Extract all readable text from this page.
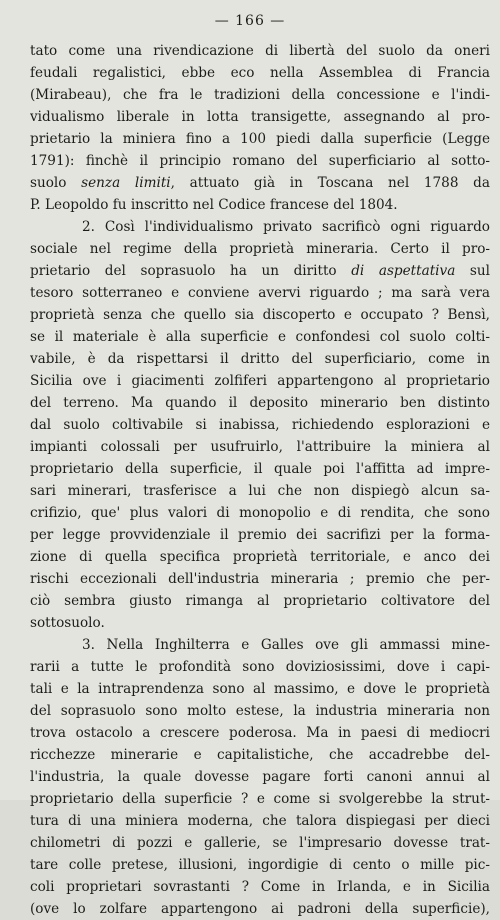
— 166 —
tato come una rivendicazione di libertà del suolo da oneri
feudali regalistici, ebbe eco nella Assemblea di Francia
(Mirabeau), che fra le tradizioni della concessione e l'indi-
vidualismo liberale in lotta transigette, assegnando al pro-
prietario la miniera fino a 100 piedi dalla superficie (Legge
1791): finchè il principio romano del superficiario al sotto-
suolo senza limiti, attuato già in Toscana nel 1788 da
P. Leopoldo fu inscritto nel Codice francese del 1804.
2. Così l'individualismo privato sacrificò ogni riguardo
sociale nel regime della proprietà mineraria. Certo il pro-
prietario del soprasuolo ha un diritto di aspettativa sul
tesoro sotterraneo e conviene avervi riguardo ; ma sarà vera
proprietà senza che quello sia discoperto e occupato ? Bensì,
se il materiale è alla superficie e confondesi col suolo colti-
vabile, è da rispettarsi il dritto del superficiario, come in
Sicilia ove i giacimenti zolfiferi appartengono al proprietario
del terreno. Ma quando il deposito minerario ben distinto
dal suolo coltivabile si inabissa, richiedendo esplorazioni e
impianti colossali per usufruirlo, l'attribuire la miniera al
proprietario della superficie, il quale poi l'affitta ad impre-
sari minerari, trasferisce a lui che non dispiegò alcun sa-
crifizio, que' plus valori di monopolio e di rendita, che sono
per legge provvidenziale il premio dei sacrifizi per la forma-
zione di quella specifica proprietà territoriale, e anco dei
rischi eccezionali dell'industria mineraria ; premio che per-
ciò sembra giusto rimanga al proprietario coltivatore del
sottosuolo.
3. Nella Inghilterra e Galles ove gli ammassi mine-
rarii a tutte le profondità sono doviziosissimi, dove i capi-
tali e la intraprendenza sono al massimo, e dove le proprietà
del soprasuolo sono molto estese, la industria mineraria non
trova ostacolo a crescere poderosa. Ma in paesi di mediocri
ricchezze minerarie e capitalistiche, che accadrebbe del-
l'industria, la quale dovesse pagare forti canoni annui al
proprietario della superficie ? e come si svolgerebbe la strut-
tura di una miniera moderna, che talora dispiegasi per dieci
chilometri di pozzi e gallerie, se l'impresario dovesse trat-
tare colle pretese, illusioni, ingordigie di cento o mille pic-
coli proprietari sovrastanti ? Come in Irlanda, e in Sicilia
(ove lo zolfare appartengono ai padroni della superficie),
